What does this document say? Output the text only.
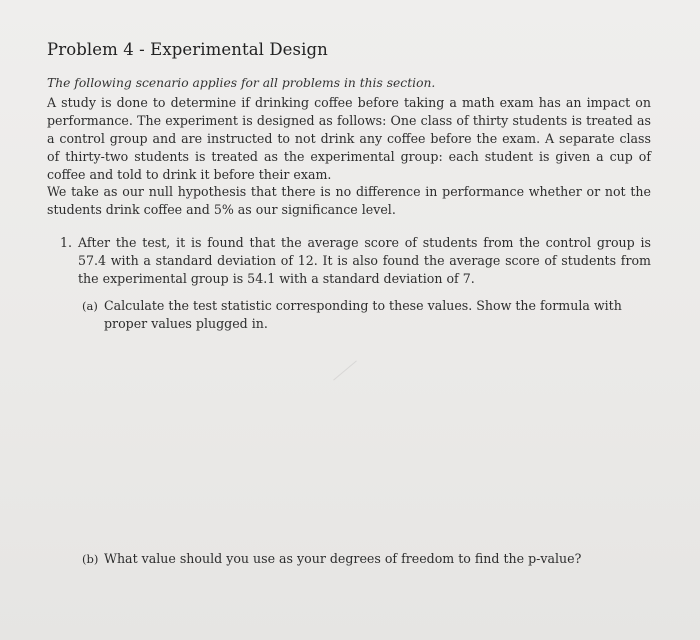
Problem 4 - Experimental Design
The following scenario applies for all problems in this section.
A study is done to determine if drinking coffee before taking a math exam has an impact on performance. The experiment is designed as follows: One class of thirty students is treated as a control group and are instructed to not drink any coffee before the exam. A separate class of thirty-two students is treated as the experimental group: each student is given a cup of coffee and told to drink it before their exam.
We take as our null hypothesis that there is no difference in performance whether or not the students drink coffee and 5% as our significance level.
1. After the test, it is found that the average score of students from the control group is 57.4 with a standard deviation of 12. It is also found the average score of students from the experimental group is 54.1 with a standard deviation of 7.
(a) Calculate the test statistic corresponding to these values. Show the formula with proper values plugged in.
(b) What value should you use as your degrees of freedom to find the p-value?
